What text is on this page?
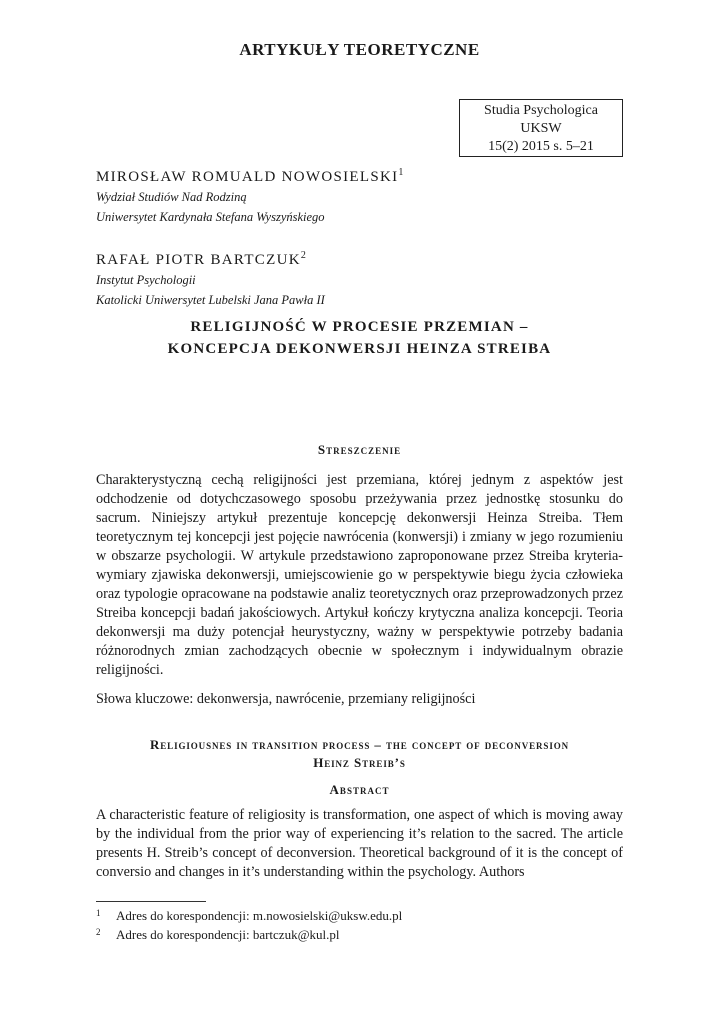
ARTYKUŁY TEORETYCZNE
Studia Psychologica
UKSW
15(2) 2015 s. 5–21
MIROSŁAW ROMUALD NOWOSIELSKI$^1$
Wydział Studiów Nad Rodziną
Uniwersytet Kardynała Stefana Wyszyńskiego
RAFAŁ PIOTR BARTCZUK$^2$
Instytut Psychologii
Katolicki Uniwersytet Lubelski Jana Pawła II
RELIGIJNOŚĆ W PROCESIE PRZEMIAN –
KONCEPCJA DEKONWERSJI HEINZA STREIBA
Streszczenie
Charakterystyczną cechą religijności jest przemiana, której jednym z aspektów jest odchodzenie od dotychczasowego sposobu przeżywania przez jednostkę stosunku do sacrum. Niniejszy artykuł prezentuje koncepcję dekonwersji Heinza Streiba. Tłem teoretycznym tej koncepcji jest pojęcie nawrócenia (konwersji) i zmiany w jego rozumieniu w obszarze psychologii. W artykule przedstawiono zaproponowane przez Streiba kryteria-wymiary zjawiska dekonwersji, umiejscowienie go w perspektywie biegu życia człowieka oraz typologie opracowane na podstawie analiz teoretycznych oraz przeprowadzonych przez Streiba koncepcji badań jakościowych. Artykuł kończy krytyczna analiza koncepcji. Teoria dekonwersji ma duży potencjał heurystyczny, ważny w perspektywie potrzeby badania różnorodnych zmian zachodzących obecnie w społecznym i indywidualnym obrazie religijności.
Słowa kluczowe: dekonwersja, nawrócenie, przemiany religijności
Religiousnes in transition process – the concept of deconversion
Heinz Streib’s
Abstract
A characteristic feature of religiosity is transformation, one aspect of which is moving away by the individual from the prior way of experiencing it’s relation to the sacred. The article presents H. Streib’s concept of deconversion. Theoretical background of it is the concept of conversio and changes in it’s understanding within the psychology. Authors
1 Adres do korespondencji: m.nowosielski@uksw.edu.pl
2 Adres do korespondencji: bartczuk@kul.pl
